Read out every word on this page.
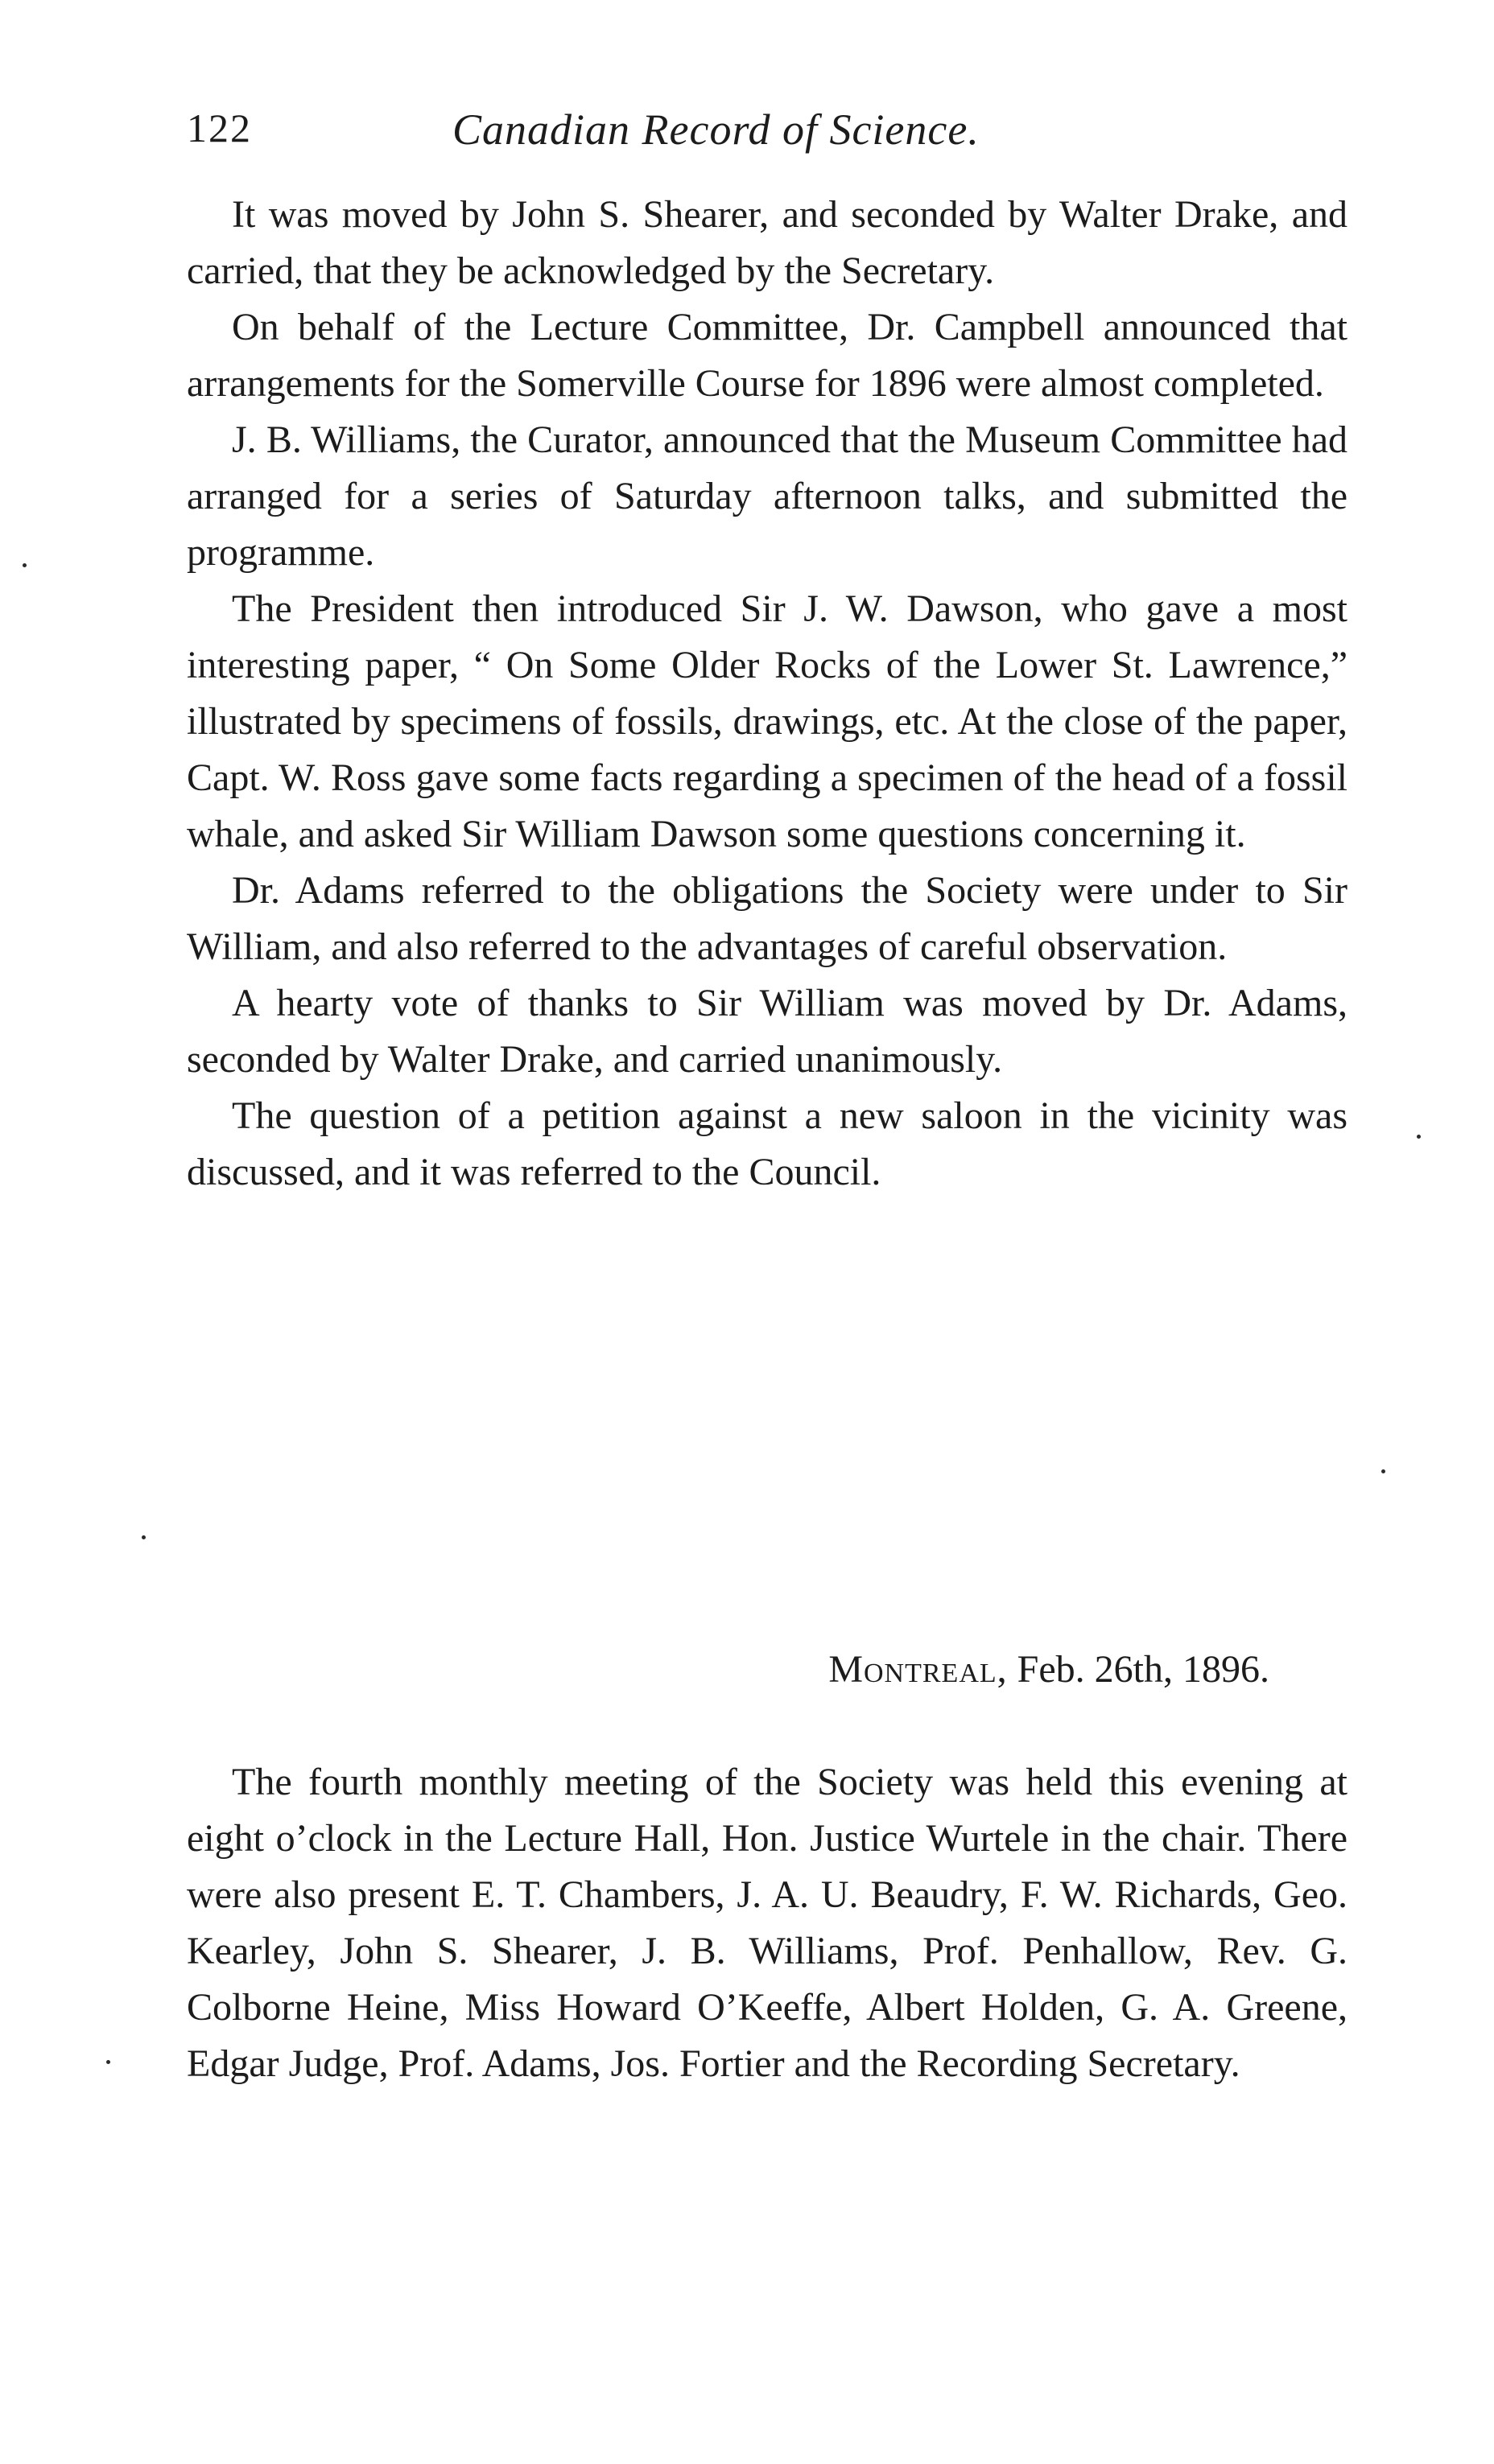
122	Canadian Record of Science.

It was moved by John S. Shearer, and seconded by Walter Drake, and carried, that they be acknowledged by the Secretary.

On behalf of the Lecture Committee, Dr. Campbell announced that arrangements for the Somerville Course for 1896 were almost completed.

J. B. Williams, the Curator, announced that the Museum Committee had arranged for a series of Saturday afternoon talks, and submitted the programme.

The President then introduced Sir J. W. Dawson, who gave a most interesting paper, “ On Some Older Rocks of the Lower St. Lawrence,” illustrated by specimens of fossils, drawings, etc. At the close of the paper, Capt. W. Ross gave some facts regarding a specimen of the head of a fossil whale, and asked Sir William Dawson some questions concerning it.

Dr. Adams referred to the obligations the Society were under to Sir William, and also referred to the advantages of careful observation.

A hearty vote of thanks to Sir William was moved by Dr. Adams, seconded by Walter Drake, and carried unanimously.

The question of a petition against a new saloon in the vicinity was discussed, and it was referred to the Council.

Montreal, Feb. 26th, 1896.

The fourth monthly meeting of the Society was held this evening at eight o’clock in the Lecture Hall, Hon. Justice Wurtele in the chair. There were also present E. T. Chambers, J. A. U. Beaudry, F. W. Richards, Geo. Kearley, John S. Shearer, J. B. Williams, Prof. Penhallow, Rev. G. Colborne Heine, Miss Howard O’Keeffe, Albert Holden, G. A. Greene, Edgar Judge, Prof. Adams, Jos. Fortier and the Recording Secretary.
